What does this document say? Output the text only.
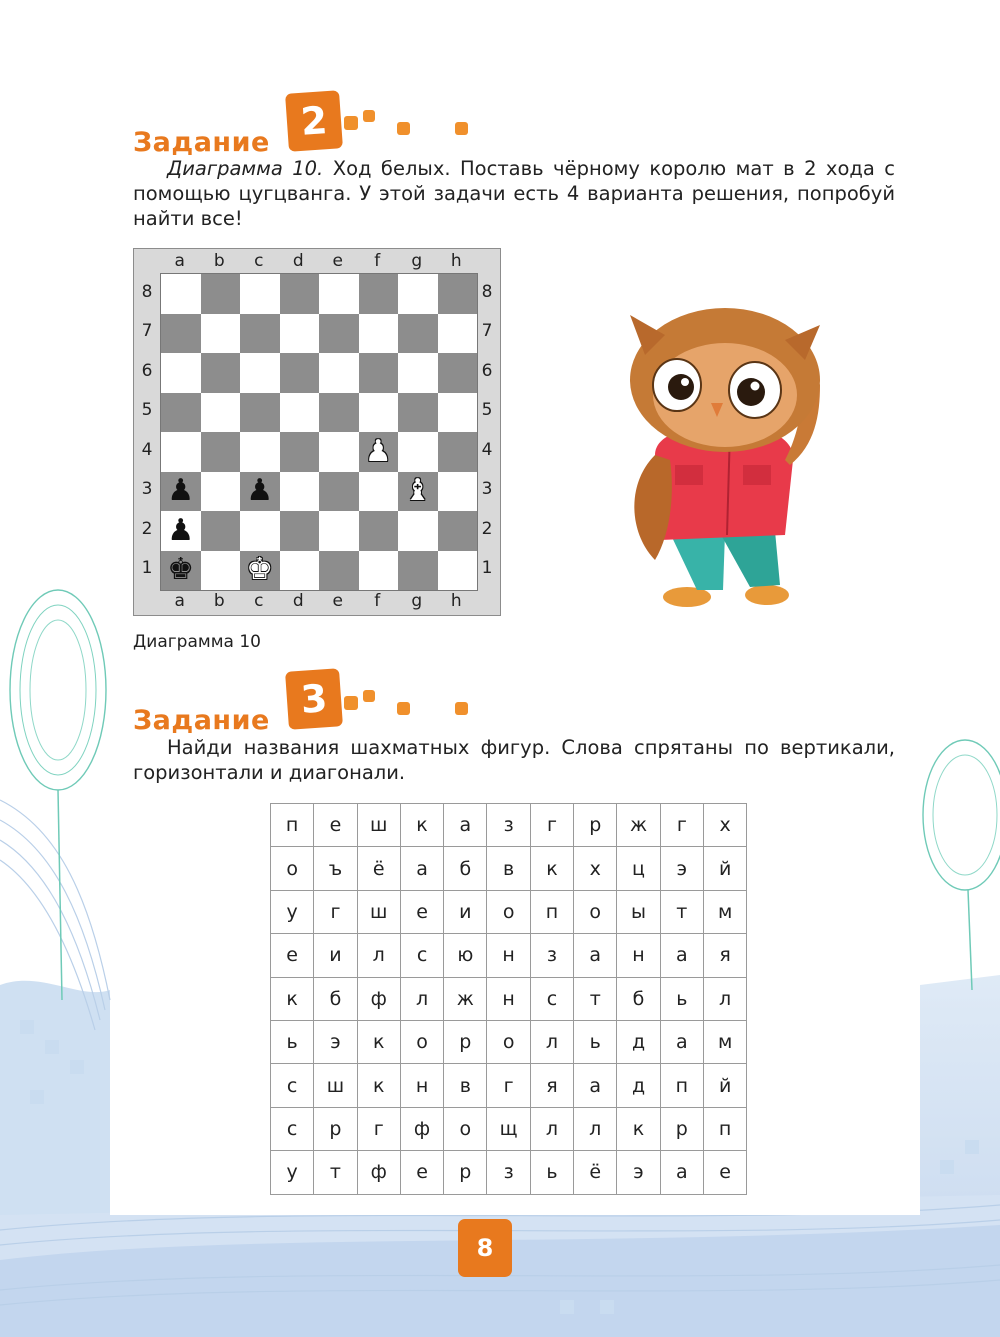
Задание 2
Диаграмма 10. Ход белых. Поставь чёрному королю мат в 2 хода с помощью цугцванга. У этой задачи есть 4 варианта решения, попробуй найти все!
♟
♟ ♟	♝
♟
♚ ♚
a
a
b
b
c
c
d
d
e
e
f
f
g
g
h
h
8	8
7	7
6	6
5	5
4	4
3	3
2	2
1	1
Диаграмма 10
Задание 3
Найди названия шахматных фигур. Слова спрятаны по вертикали, горизонтали и диагонали.
п	е	ш	к	а	з	г	р	ж	г	х
о	ъ	ё	а	б	в	к	х	ц	э	й
у	г	ш	е	и	о	п	о	ы	т	м
е	и	л	с	ю	н	з	а	н	а	я
к	б	ф	л	ж	н	с	т	б	ь	л
ь	э	к	о	р	о	л	ь	д	а	м
с	ш	к	н	в	г	я	а	д	п	й
с	р	г	ф	о	щ	л	л	к	р	п
у	т	ф	е	р	з	ь	ё	э	а	е
8
